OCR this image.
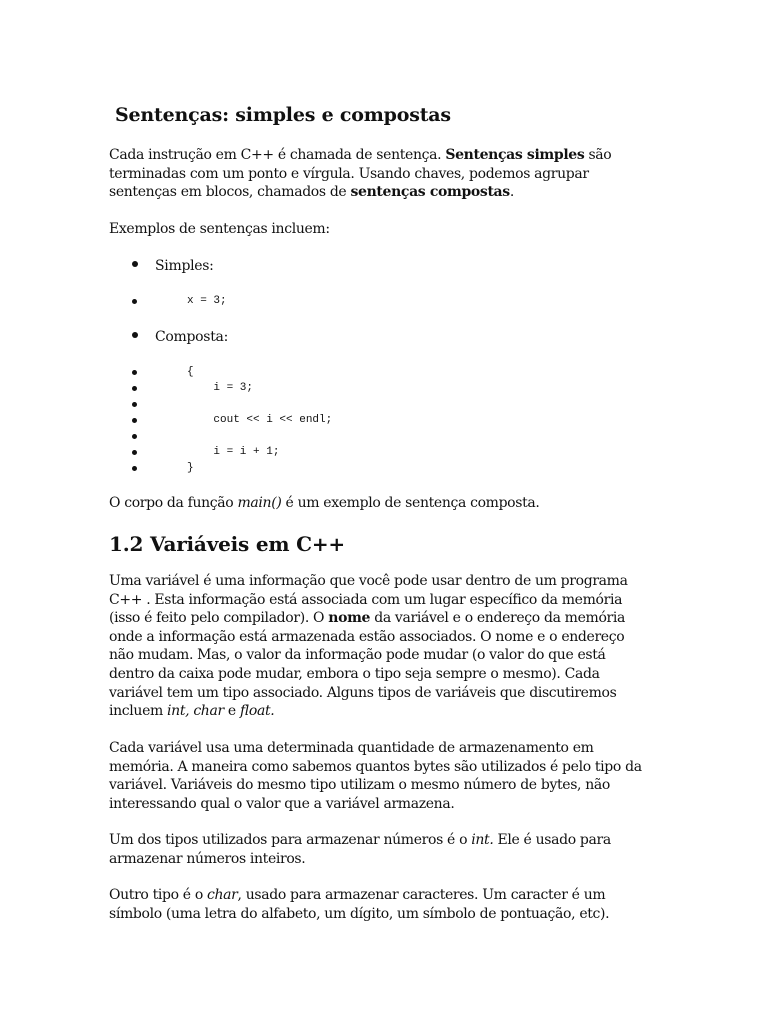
Sentenças: simples e compostas
Cada instrução em C++ é chamada de sentença. Sentenças simples são
terminadas com um ponto e vírgula. Usando chaves, podemos agrupar
sentenças em blocos, chamados de sentenças compostas.
Exemplos de sentenças incluem:
Simples:

x = 3;

Composta:

{

i = 3;

cout << i << endl;

i = i + 1;

}

O corpo da função main() é um exemplo de sentença composta.
1.2 Variáveis em C++
Uma variável é uma informação que você pode usar dentro de um programa
C++ . Esta informação está associada com um lugar específico da memória
(isso é feito pelo compilador). O nome da variável e o endereço da memória
onde a informação está armazenada estão associados. O nome e o endereço
não mudam. Mas, o valor da informação pode mudar (o valor do que está
dentro da caixa pode mudar, embora o tipo seja sempre o mesmo). Cada
variável tem um tipo associado. Alguns tipos de variáveis que discutiremos
incluem int, char e float.
Cada variável usa uma determinada quantidade de armazenamento em
memória. A maneira como sabemos quantos bytes são utilizados é pelo tipo da
variável. Variáveis do mesmo tipo utilizam o mesmo número de bytes, não
interessando qual o valor que a variável armazena.
Um dos tipos utilizados para armazenar números é o int. Ele é usado para
armazenar números inteiros.
Outro tipo é o char, usado para armazenar caracteres. Um caracter é um
símbolo (uma letra do alfabeto, um dígito, um símbolo de pontuação, etc).
